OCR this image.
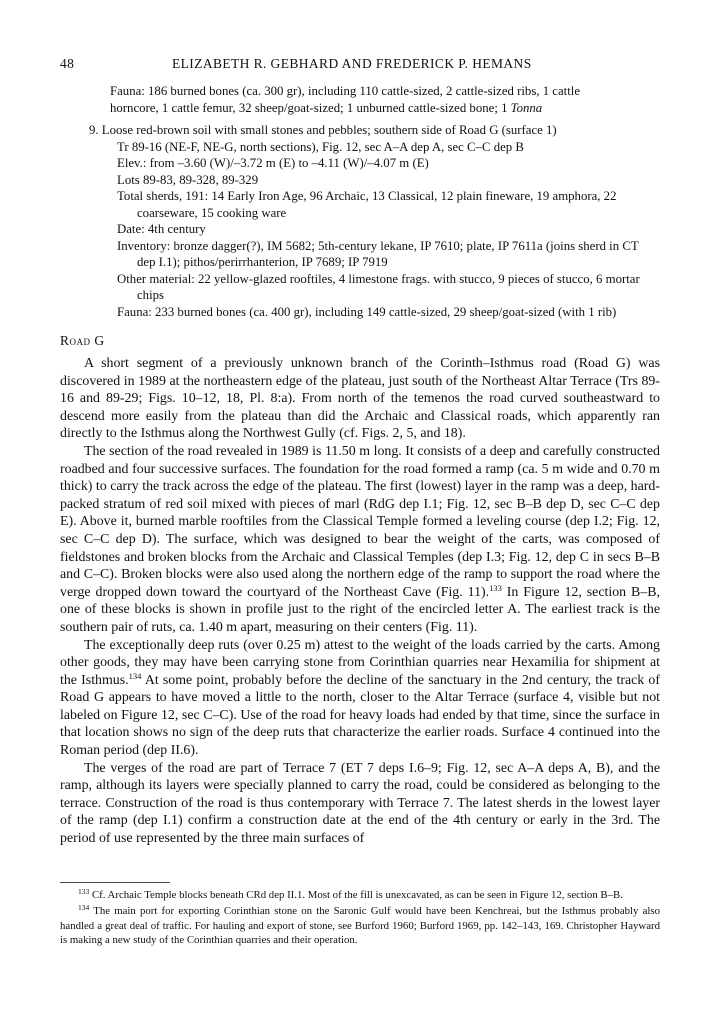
48	ELIZABETH R. GEBHARD AND FREDERICK P. HEMANS
Fauna: 186 burned bones (ca. 300 gr), including 110 cattle-sized, 2 cattle-sized ribs, 1 cattle
horncore, 1 cattle femur, 32 sheep/goat-sized; 1 unburned cattle-sized bone; 1 Tonna
9. Loose red-brown soil with small stones and pebbles; southern side of Road G (surface 1)
Tr 89-16 (NE-F, NE-G, north sections), Fig. 12, sec A–A dep A, sec C–C dep B
Elev.: from –3.60 (W)/–3.72 m (E) to –4.11 (W)/–4.07 m (E)
Lots 89-83, 89-328, 89-329
Total sherds, 191: 14 Early Iron Age, 96 Archaic, 13 Classical, 12 plain fineware, 19 amphora, 22 coarseware, 15 cooking ware
Date: 4th century
Inventory: bronze dagger(?), IM 5682; 5th-century lekane, IP 7610; plate, IP 7611a (joins sherd in CT dep I.1); pithos/perirrhanterion, IP 7689; IP 7919
Other material: 22 yellow-glazed rooftiles, 4 limestone frags. with stucco, 9 pieces of stucco, 6 mortar chips
Fauna: 233 burned bones (ca. 400 gr), including 149 cattle-sized, 29 sheep/goat-sized (with 1 rib)
Road G

A short segment of a previously unknown branch of the Corinth–Isthmus road (Road G) was discovered in 1989 at the northeastern edge of the plateau, just south of the Northeast Altar Terrace (Trs 89-16 and 89-29; Figs. 10–12, 18, Pl. 8:a). From north of the temenos the road curved southeastward to descend more easily from the plateau than did the Archaic and Classical roads, which apparently ran directly to the Isthmus along the Northwest Gully (cf. Figs. 2, 5, and 18).

The section of the road revealed in 1989 is 11.50 m long. It consists of a deep and carefully constructed roadbed and four successive surfaces. The foundation for the road formed a ramp (ca. 5 m wide and 0.70 m thick) to carry the track across the edge of the plateau. The first (lowest) layer in the ramp was a deep, hard-packed stratum of red soil mixed with pieces of marl (RdG dep I.1; Fig. 12, sec B–B dep D, sec C–C dep E). Above it, burned marble rooftiles from the Classical Temple formed a leveling course (dep I.2; Fig. 12, sec C–C dep D). The surface, which was designed to bear the weight of the carts, was composed of fieldstones and broken blocks from the Archaic and Classical Temples (dep I.3; Fig. 12, dep C in secs B–B and C–C). Broken blocks were also used along the northern edge of the ramp to support the road where the verge dropped down toward the courtyard of the Northeast Cave (Fig. 11).$^{133}$ In Figure 12, section B–B, one of these blocks is shown in profile just to the right of the encircled letter A. The earliest track is the southern pair of ruts, ca. 1.40 m apart, measuring on their centers (Fig. 11).

The exceptionally deep ruts (over 0.25 m) attest to the weight of the loads carried by the carts. Among other goods, they may have been carrying stone from Corinthian quarries near Hexamilia for shipment at the Isthmus.$^{134}$ At some point, probably before the decline of the sanctuary in the 2nd century, the track of Road G appears to have moved a little to the north, closer to the Altar Terrace (surface 4, visible but not labeled on Figure 12, sec C–C). Use of the road for heavy loads had ended by that time, since the surface in that location shows no sign of the deep ruts that characterize the earlier roads. Surface 4 continued into the Roman period (dep II.6).

The verges of the road are part of Terrace 7 (ET 7 deps I.6–9; Fig. 12, sec A–A deps A, B), and the ramp, although its layers were specially planned to carry the road, could be considered as belonging to the terrace. Construction of the road is thus contemporary with Terrace 7. The latest sherds in the lowest layer of the ramp (dep I.1) confirm a construction date at the end of the 4th century or early in the 3rd. The period of use represented by the three main surfaces of

$^{133}$ Cf. Archaic Temple blocks beneath CRd dep II.1. Most of the fill is unexcavated, as can be seen in Figure 12, section B–B.

$^{134}$ The main port for exporting Corinthian stone on the Saronic Gulf would have been Kenchreai, but the Isthmus probably also handled a great deal of traffic. For hauling and export of stone, see Burford 1960; Burford 1969, pp. 142–143, 169. Christopher Hayward is making a new study of the Corinthian quarries and their operation.
